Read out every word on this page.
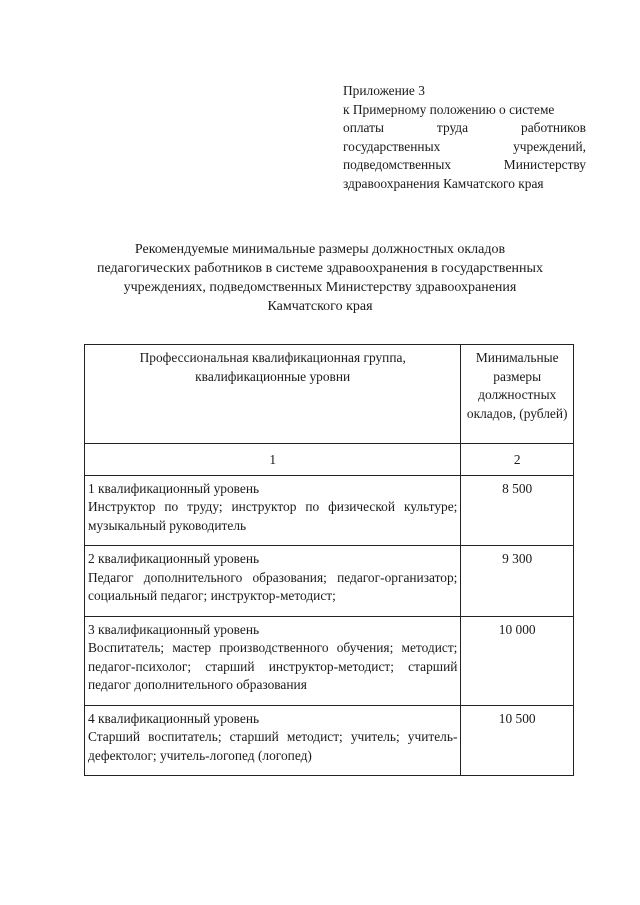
Приложение 3
к Примерному положению о системе
оплаты труда работников
государственных учреждений,
подведомственных Министерству
здравоохранения Камчатского края
Рекомендуемые минимальные размеры должностных окладов
педагогических работников в системе здравоохранения в государственных
учреждениях, подведомственных Министерству здравоохранения
Камчатского края
Профессиональная квалификационная группа, квалификационные уровни	Минимальные размеры должностных окладов, (рублей)
1	2

1 квалификационный уровень
Инструктор по труду; инструктор по физической культуре; музыкальный руководитель	8 500

2 квалификационный уровень
Педагог дополнительного образования; педагог-организатор; социальный педагог; инструктор-методист;	9 300

3 квалификационный уровень
Воспитатель; мастер производственного обучения; методист; педагог-психолог; старший инструктор-методист; старший педагог дополнительного образования	10 000

4 квалификационный уровень
Старший воспитатель; старший методист; учитель; учитель-дефектолог; учитель-логопед (логопед)	10 500
